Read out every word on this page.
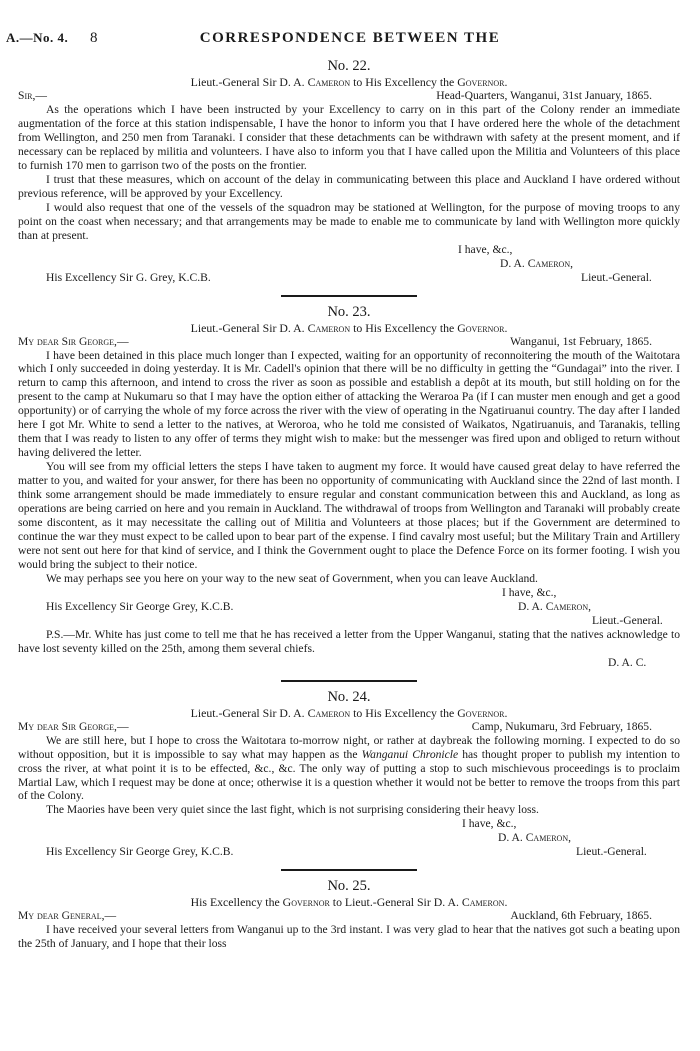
A.—No. 4. 8	CORRESPONDENCE BETWEEN THE
No. 22.
Lieut.-General Sir D. A. Cameron to His Excellency the Governor.
Sir,—	Head-Quarters, Wanganui, 31st January, 1865.

As the operations which I have been instructed by your Excellency to carry on in this part of the Colony render an immediate augmentation of the force at this station indispensable, I have the honor to inform you that I have ordered here the whole of the detachment from Wellington, and 250 men from Taranaki. I consider that these detachments can be withdrawn with safety at the present moment, and if necessary can be replaced by militia and volunteers. I have also to inform you that I have called upon the Militia and Volunteers of this place to furnish 170 men to garrison two of the posts on the frontier.

I trust that these measures, which on account of the delay in communicating between this place and Auckland I have ordered without previous reference, will be approved by your Excellency.

I would also request that one of the vessels of the squadron may be stationed at Wellington, for the purpose of moving troops to any point on the coast when necessary; and that arrangements may be made to enable me to communicate by land with Wellington more quickly than at present.

I have, &c.,
D. A. Cameron,
His Excellency Sir G. Grey, K.C.B.	Lieut.-General.
No. 23.
Lieut.-General Sir D. A. Cameron to His Excellency the Governor.
My dear Sir George,—	Wanganui, 1st February, 1865.

I have been detained in this place much longer than I expected, waiting for an opportunity of reconnoitering the mouth of the Waitotara which I only succeeded in doing yesterday. It is Mr. Cadell's opinion that there will be no difficulty in getting the “Gundagai” into the river. I return to camp this afternoon, and intend to cross the river as soon as possible and establish a depôt at its mouth, but still holding on for the present to the camp at Nukumaru so that I may have the option either of attacking the Weraroa Pa (if I can muster men enough and get a good opportunity) or of carrying the whole of my force across the river with the view of operating in the Ngatiruanui country. The day after I landed here I got Mr. White to send a letter to the natives, at Weroroa, who he told me consisted of Waikatos, Ngatiruanuis, and Taranakis, telling them that I was ready to listen to any offer of terms they might wish to make: but the messenger was fired upon and obliged to return without having delivered the letter.

You will see from my official letters the steps I have taken to augment my force. It would have caused great delay to have referred the matter to you, and waited for your answer, for there has been no opportunity of communicating with Auckland since the 22nd of last month. I think some arrangement should be made immediately to ensure regular and constant communication between this and Auckland, as long as operations are being carried on here and you remain in Auckland. The withdrawal of troops from Wellington and Taranaki will probably create some discontent, as it may necessitate the calling out of Militia and Volunteers at those places; but if the Government are determined to continue the war they must expect to be called upon to bear part of the expense. I find cavalry most useful; but the Military Train and Artillery were not sent out here for that kind of service, and I think the Government ought to place the Defence Force on its former footing. I wish you would bring the subject to their notice.

We may perhaps see you here on your way to the new seat of Government, when you can leave Auckland.

I have, &c.,
His Excellency Sir George Grey, K.C.B.	D. A. Cameron,
Lieut.-General.

P.S.—Mr. White has just come to tell me that he has received a letter from the Upper Wanganui, stating that the natives acknowledge to have lost seventy killed on the 25th, among them several chiefs.

D. A. C.
No. 24.
Lieut.-General Sir D. A. Cameron to His Excellency the Governor.
My dear Sir George,—	Camp, Nukumaru, 3rd February, 1865.

We are still here, but I hope to cross the Waitotara to-morrow night, or rather at daybreak the following morning. I expected to do so without opposition, but it is impossible to say what may happen as the Wanganui Chronicle has thought proper to publish my intention to cross the river, at what point it is to be effected, &c., &c. The only way of putting a stop to such mischievous proceedings is to proclaim Martial Law, which I request may be done at once; otherwise it is a question whether it would not be better to remove the troops from this part of the Colony.

The Maories have been very quiet since the last fight, which is not surprising considering their heavy loss.

I have, &c.,
D. A. Cameron,
His Excellency Sir George Grey, K.C.B.	Lieut.-General.
No. 25.
His Excellency the Governor to Lieut.-General Sir D. A. Cameron.
My dear General,—	Auckland, 6th February, 1865.

I have received your several letters from Wanganui up to the 3rd instant. I was very glad to hear that the natives got such a beating upon the 25th of January, and I hope that their loss
